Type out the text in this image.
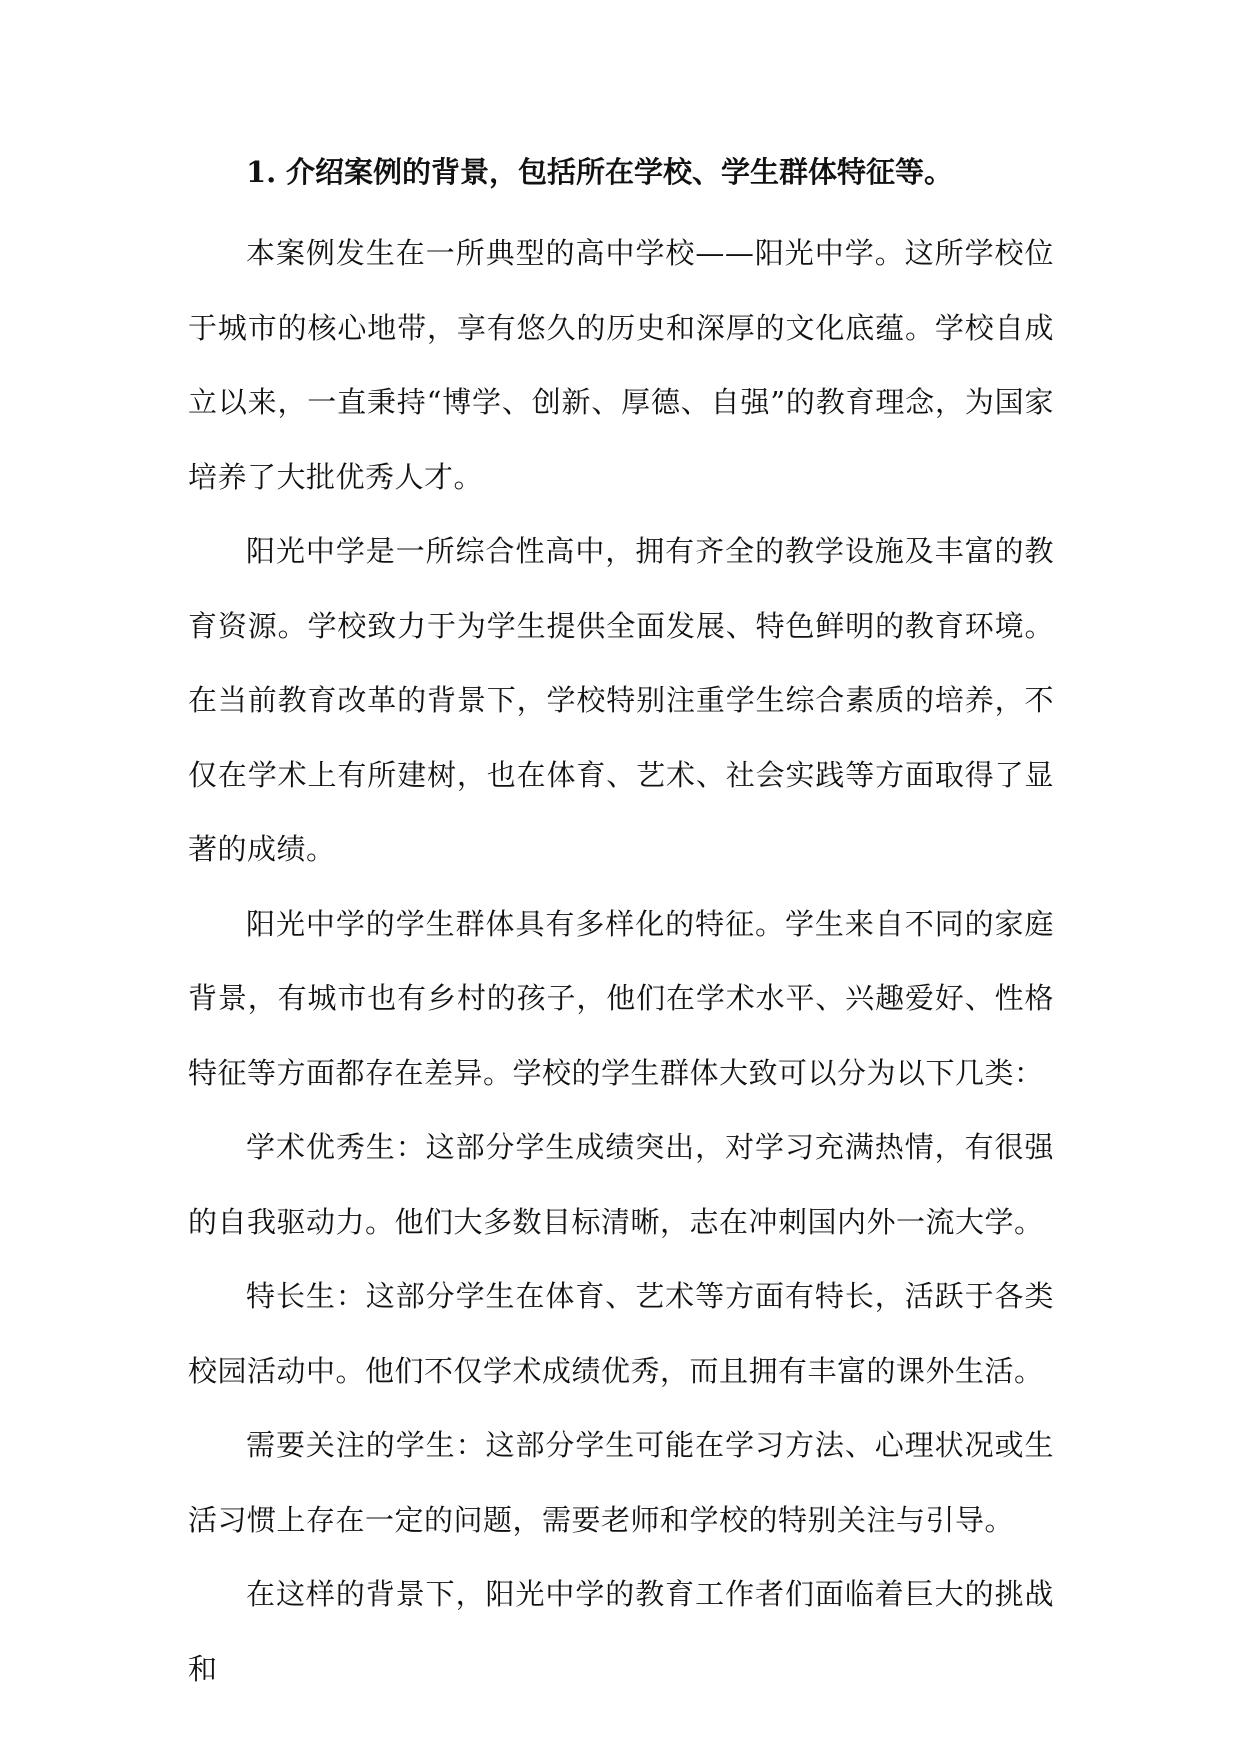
1. 介绍案例的背景，包括所在学校、学生群体特征等。

本案例发生在一所典型的高中学校——阳光中学。这所学校位于城市的核心地带，享有悠久的历史和深厚的文化底蕴。学校自成立以来，一直秉持“博学、创新、厚德、自强”的教育理念，为国家培养了大批优秀人才。

阳光中学是一所综合性高中，拥有齐全的教学设施及丰富的教育资源。学校致力于为学生提供全面发展、特色鲜明的教育环境。在当前教育改革的背景下，学校特别注重学生综合素质的培养，不仅在学术上有所建树，也在体育、艺术、社会实践等方面取得了显著的成绩。

阳光中学的学生群体具有多样化的特征。学生来自不同的家庭背景，有城市也有乡村的孩子，他们在学术水平、兴趣爱好、性格特征等方面都存在差异。学校的学生群体大致可以分为以下几类：

学术优秀生：这部分学生成绩突出，对学习充满热情，有很强的自我驱动力。他们大多数目标清晰，志在冲刺国内外一流大学。

特长生：这部分学生在体育、艺术等方面有特长，活跃于各类校园活动中。他们不仅学术成绩优秀，而且拥有丰富的课外生活。

需要关注的学生：这部分学生可能在学习方法、心理状况或生活习惯上存在一定的问题，需要老师和学校的特别关注与引导。

在这样的背景下，阳光中学的教育工作者们面临着巨大的挑战和
